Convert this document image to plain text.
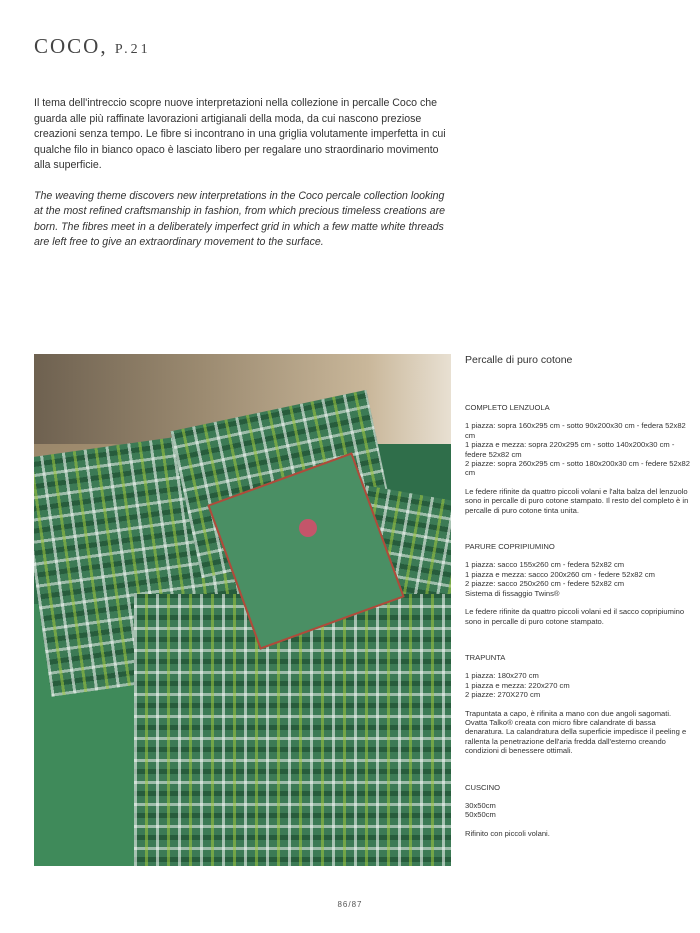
COCO, P.21

Il tema dell'intreccio scopre nuove interpretazioni nella collezione in percalle Coco che guarda alle più raffinate lavorazioni artigianali della moda, da cui nascono preziose creazioni senza tempo. Le fibre si incontrano in una griglia volutamente imperfetta in cui qualche filo in bianco opaco è lasciato libero per regalare uno straordinario movimento alla superficie.

The weaving theme discovers new interpretations in the Coco percale collection looking at the most refined craftsmanship in fashion, from which precious timeless creations are born. The fibres meet in a deliberately imperfect grid in which a few matte white threads are left free to give an extraordinary movement to the surface.

Percalle di puro cotone
COMPLETO LENZUOLA

1 piazza: sopra 160x295 cm - sotto 90x200x30 cm - federa 52x82 cm
1 piazza e mezza: sopra 220x295 cm - sotto 140x200x30 cm - federe 52x82 cm
2 piazze: sopra 260x295 cm - sotto 180x200x30 cm - federe 52x82 cm

Le federe rifinite da quattro piccoli volani e l'alta balza del lenzuolo sono in percalle di puro cotone stampato. Il resto del completo è in percalle di puro cotone tinta unita.

PARURE COPRIPIUMINO

1 piazza: sacco 155x260 cm - federa 52x82 cm
1 piazza e mezza: sacco 200x260 cm - federe 52x82 cm
2 piazze: sacco 250x260 cm - federe 52x82 cm
Sistema di fissaggio Twins®

Le federe rifinite da quattro piccoli volani ed il sacco copripiumino sono in percalle di puro cotone stampato.

TRAPUNTA

1 piazza: 180x270 cm
1 piazza e mezza: 220x270 cm
2 piazze: 270X270 cm

Trapuntata a capo, è rifinita a mano con due angoli sagomati.
Ovatta Talko® creata con micro fibre calandrate di bassa denaratura. La calandratura della superficie impedisce il peeling e rallenta la penetrazione dell'aria fredda dall'esterno creando condizioni di benessere ottimali.

CUSCINO

30x50cm
50x50cm

Rifinito con piccoli volani.

86/87
